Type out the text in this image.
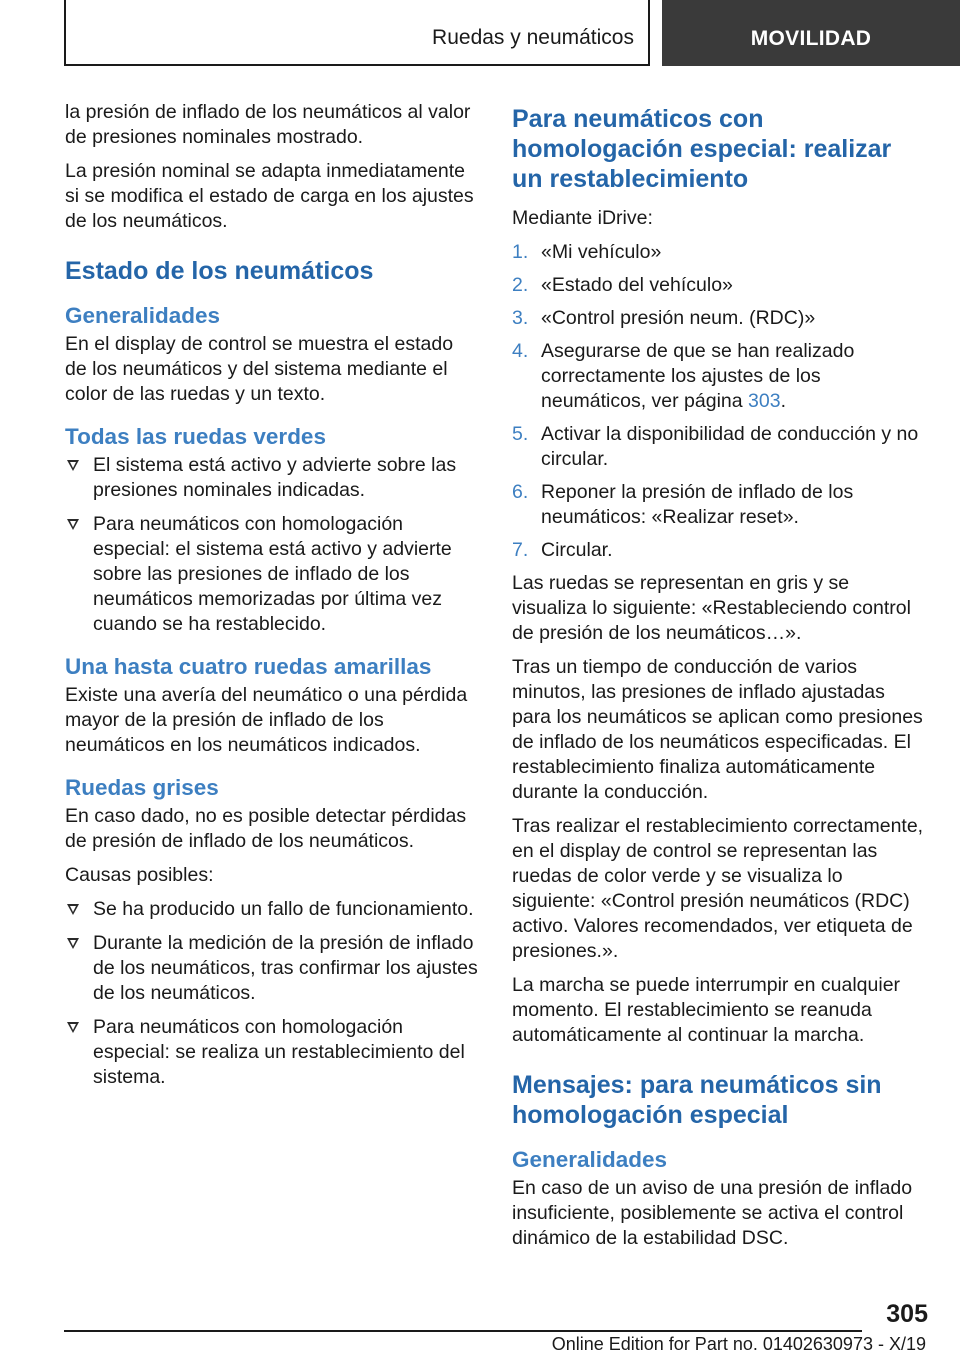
Ruedas y neumáticos	MOVILIDAD

la presión de inflado de los neumáticos al valor de presiones nominales mostrado.

La presión nominal se adapta inmediatamente si se modifica el estado de carga en los ajustes de los neumáticos.

Estado de los neumáticos
Generalidades

En el display de control se muestra el estado de los neumáticos y del sistema mediante el color de las ruedas y un texto.

Todas las ruedas verdes
El sistema está activo y advierte sobre las presiones nominales indicadas.
Para neumáticos con homologación especial: el sistema está activo y advierte sobre las presiones de inflado de los neumáticos memorizadas por última vez cuando se ha restablecido.
Una hasta cuatro ruedas amarillas

Existe una avería del neumático o una pérdida mayor de la presión de inflado de los neumáticos en los neumáticos indicados.

Ruedas grises

En caso dado, no es posible detectar pérdidas de presión de inflado de los neumáticos.

Causas posibles:

Se ha producido un fallo de funcionamiento.
Durante la medición de la presión de inflado de los neumáticos, tras confirmar los ajustes de los neumáticos.
Para neumáticos con homologación especial: se realiza un restablecimiento del sistema.
Para neumáticos con homologación especial: realizar un restablecimiento

Mediante iDrive:

1. «Mi vehículo»
2. «Estado del vehículo»
3. «Control presión neum. (RDC)»
4. Asegurarse de que se han realizado correctamente los ajustes de los neumáticos, ver página 303.
5. Activar la disponibilidad de conducción y no circular.
6. Reponer la presión de inflado de los neumáticos: «Realizar reset».
7. Circular.

Las ruedas se representan en gris y se visualiza lo siguiente: «Restableciendo control de presión de los neumáticos…».

Tras un tiempo de conducción de varios minutos, las presiones de inflado ajustadas para los neumáticos se aplican como presiones de inflado de los neumáticos especificadas. El restablecimiento finaliza automáticamente durante la conducción.

Tras realizar el restablecimiento correctamente, en el display de control se representan las ruedas de color verde y se visualiza lo siguiente: «Control presión neumáticos (RDC) activo. Valores recomendados, ver etiqueta de presiones.».

La marcha se puede interrumpir en cualquier momento. El restablecimiento se reanuda automáticamente al continuar la marcha.

Mensajes: para neumáticos sin homologación especial
Generalidades

En caso de un aviso de una presión de inflado insuficiente, posiblemente se activa el control dinámico de la estabilidad DSC.

305
Online Edition for Part no. 01402630973 - X/19
